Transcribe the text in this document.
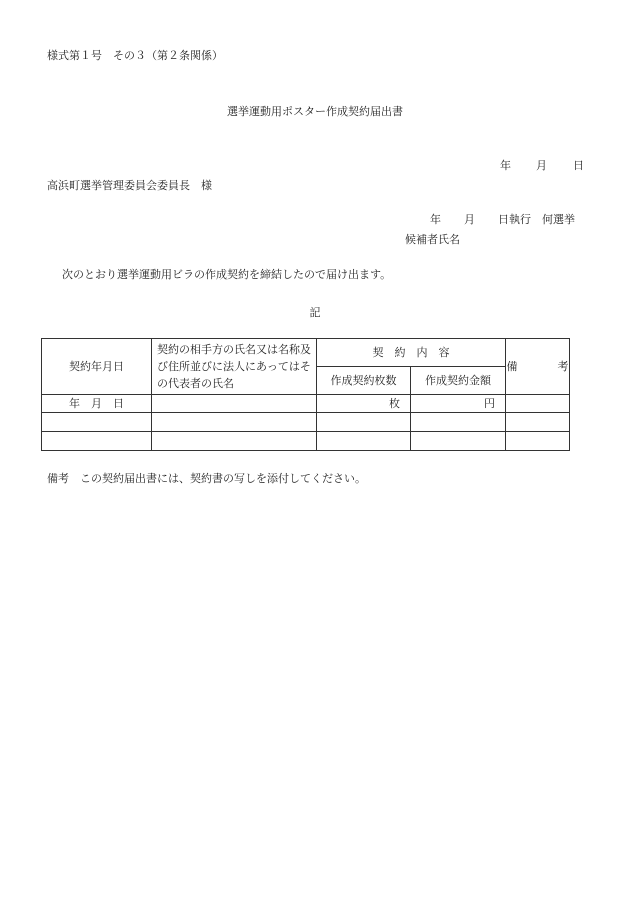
様式第１号　その３（第２条関係）
選挙運動用ポスター作成契約届出書
年 月 日
高浜町選挙管理委員会委員長　様
年 月 日執行　何選挙
候補者氏名
次のとおり選挙運動用ビラの作成契約を締結したので届け出ます。
記
契約年月日	契約の相手方の氏名又は名称及び住所並びに法人にあってはその代表者の氏名	契　約　内　容		備考
		作成契約枚数	作成契約金額	
年　月　日		枚	円	

備考　この契約届出書には、契約書の写しを添付してください。
